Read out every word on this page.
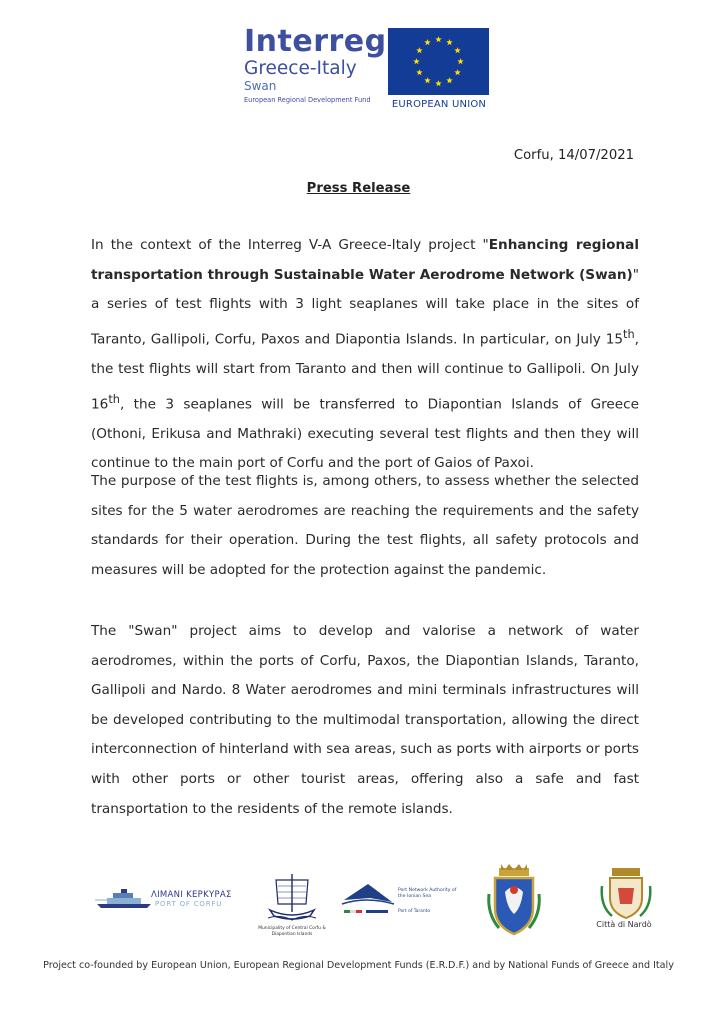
Interreg
Greece-Italy
Swan
European Regional Development Fund	EUROPEAN UNION
Corfu, 14/07/2021
Press Release

In the context of the Interreg V-A Greece-Italy project "Enhancing regional transportation through Sustainable Water Aerodrome Network (Swan)" a series of test flights with 3 light seaplanes will take place in the sites of Taranto, Gallipoli, Corfu, Paxos and Diapontia Islands. In particular, on July 15th, the test flights will start from Taranto and then will continue to Gallipoli. On July 16th, the 3 seaplanes will be transferred to Diapontian Islands of Greece (Othoni, Erikusa and Mathraki) executing several test flights and then they will continue to the main port of Corfu and the port of Gaios of Paxoi.

The purpose of the test flights is, among others, to assess whether the selected sites for the 5 water aerodromes are reaching the requirements and the safety standards for their operation. During the test flights, all safety protocols and measures will be adopted for the protection against the pandemic.

The "Swan" project aims to develop and valorise a network of water aerodromes, within the ports of Corfu, Paxos, the Diapontian Islands, Taranto, Gallipoli and Nardo. 8 Water aerodromes and mini terminals infrastructures will be developed contributing to the multimodal transportation, allowing the direct interconnection of hinterland with sea areas, such as ports with airports or ports with other ports or other tourist areas, offering also a safe and fast transportation to the residents of the remote islands.

ΛΙΜΑΝΙ ΚΕΡΚΥΡΑΣ
PORT OF CORFU
Municipality of Central Corfu & Diapontian Islands
Port Network Authority of the Ionian Sea
Port of Taranto
Città di Nardò
Project co-founded by European Union, European Regional Development Funds (E.R.D.F.) and by National Funds of Greece and Italy
